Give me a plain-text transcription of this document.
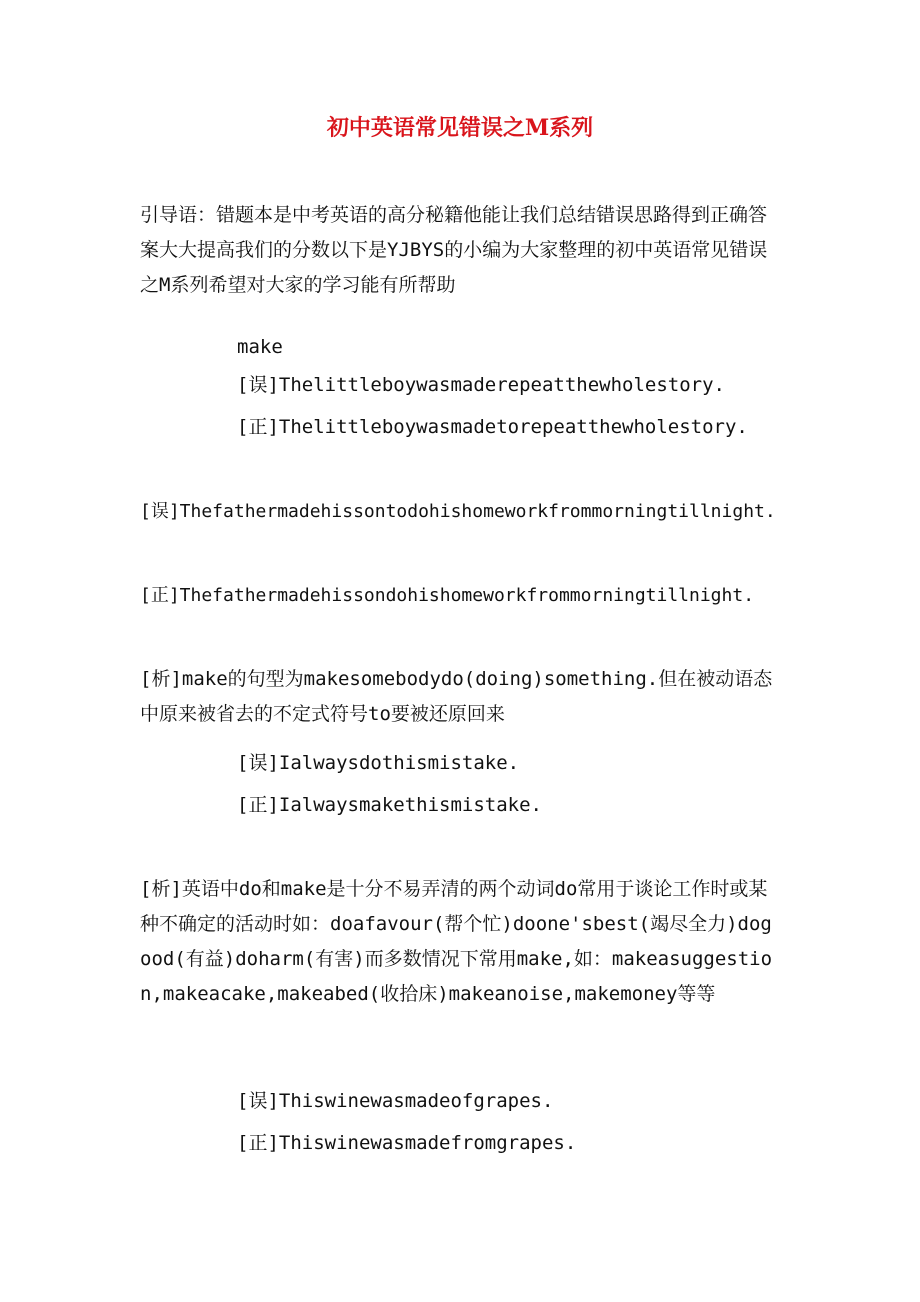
初中英语常见错误之M系列

引导语：错题本是中考英语的高分秘籍他能让我们总结错误思路得到正确答案大大提高我们的分数以下是YJBYS的小编为大家整理的初中英语常见错误之M系列希望对大家的学习能有所帮助

make

[误]Thelittleboywasmaderepeatthewholestory.

[正]Thelittleboywasmadetorepeatthewholestory.

[误]Thefathermadehissontodohishomeworkfrommorningtillnight.

[正]Thefathermadehissondohishomeworkfrommorningtillnight.

[析]make的句型为makesomebodydo(doing)something.但在被动语态中原来被省去的不定式符号to要被还原回来

[误]Ialwaysdothismistake.

[正]Ialwaysmakethismistake.

[析]英语中do和make是十分不易弄清的两个动词do常用于谈论工作时或某种不确定的活动时如：doafavour(帮个忙)doone'sbest(竭尽全力)dogood(有益)doharm(有害)而多数情况下常用make,如：makeasuggestion,makeacake,makeabed(收拾床)makeanoise,makemoney等等

[误]Thiswinewasmadeofgrapes.

[正]Thiswinewasmadefromgrapes.
